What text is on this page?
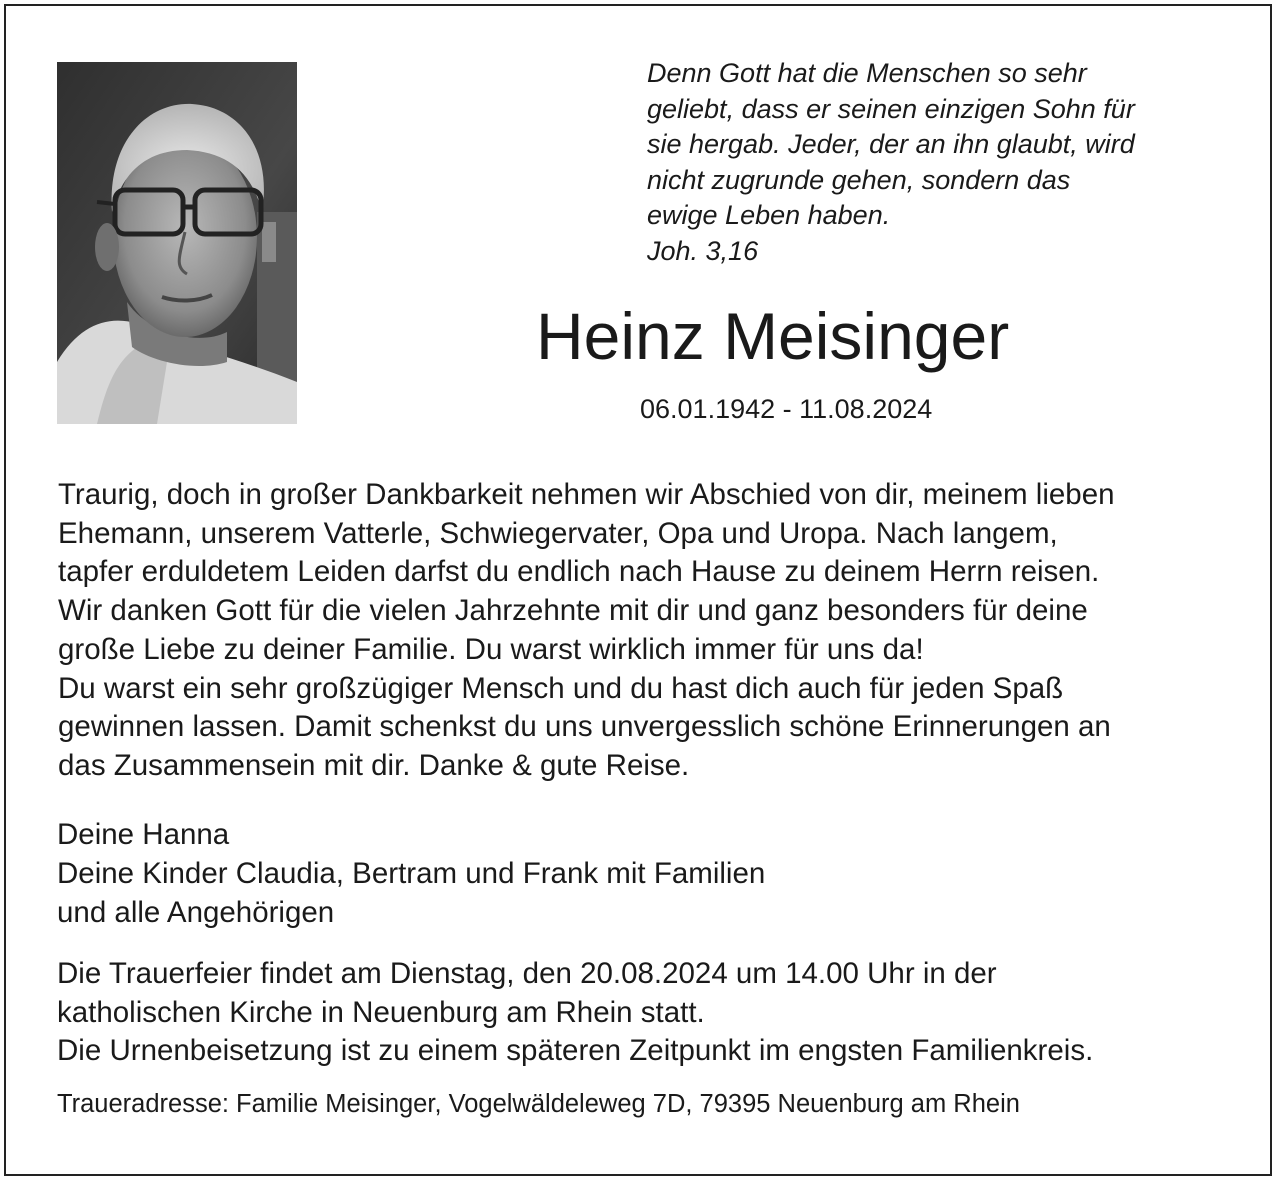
Denn Gott hat die Menschen so sehr
geliebt, dass er seinen einzigen Sohn für
sie hergab. Jeder, der an ihn glaubt, wird
nicht zugrunde gehen, sondern das
ewige Leben haben.
Joh. 3,16
Heinz Meisinger
06.01.1942 - 11.08.2024
Traurig, doch in großer Dankbarkeit nehmen wir Abschied von dir, meinem lieben
Ehemann, unserem Vatterle, Schwiegervater, Opa und Uropa. Nach langem,
tapfer erduldetem Leiden darfst du endlich nach Hause zu deinem Herrn reisen.
Wir danken Gott für die vielen Jahrzehnte mit dir und ganz besonders für deine
große Liebe zu deiner Familie. Du warst wirklich immer für uns da!
Du warst ein sehr großzügiger Mensch und du hast dich auch für jeden Spaß
gewinnen lassen. Damit schenkst du uns unvergesslich schöne Erinnerungen an
das Zusammensein mit dir. Danke & gute Reise.
Deine Hanna
Deine Kinder Claudia, Bertram und Frank mit Familien
und alle Angehörigen
Die Trauerfeier findet am Dienstag, den 20.08.2024 um 14.00 Uhr in der
katholischen Kirche in Neuenburg am Rhein statt.
Die Urnenbeisetzung ist zu einem späteren Zeitpunkt im engsten Familienkreis.
Traueradresse: Familie Meisinger, Vogelwäldeleweg 7D, 79395 Neuenburg am Rhein
